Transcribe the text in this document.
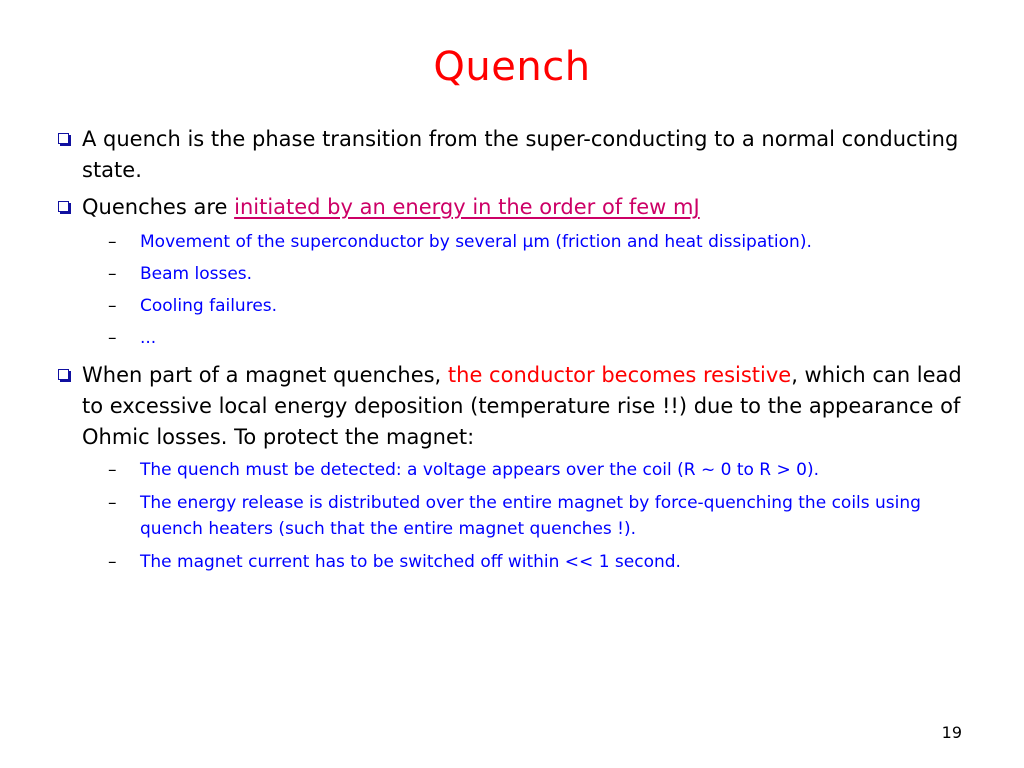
Quench
A quench is the phase transition from the super-conducting to a normal conducting state.
Quenches are initiated by an energy in the order of few mJ
– Movement of the superconductor by several μm (friction and heat dissipation).
– Beam losses.
– Cooling failures.
– ...
When part of a magnet quenches, the conductor becomes resistive, which can lead to excessive local energy deposition (temperature rise !!) due to the appearance of Ohmic losses. To protect the magnet:
– The quench must be detected: a voltage appears over the coil (R ~ 0 to R > 0).
– The energy release is distributed over the entire magnet by force-quenching the coils using quench heaters (such that the entire magnet quenches !).
– The magnet current has to be switched off within << 1 second.
19
